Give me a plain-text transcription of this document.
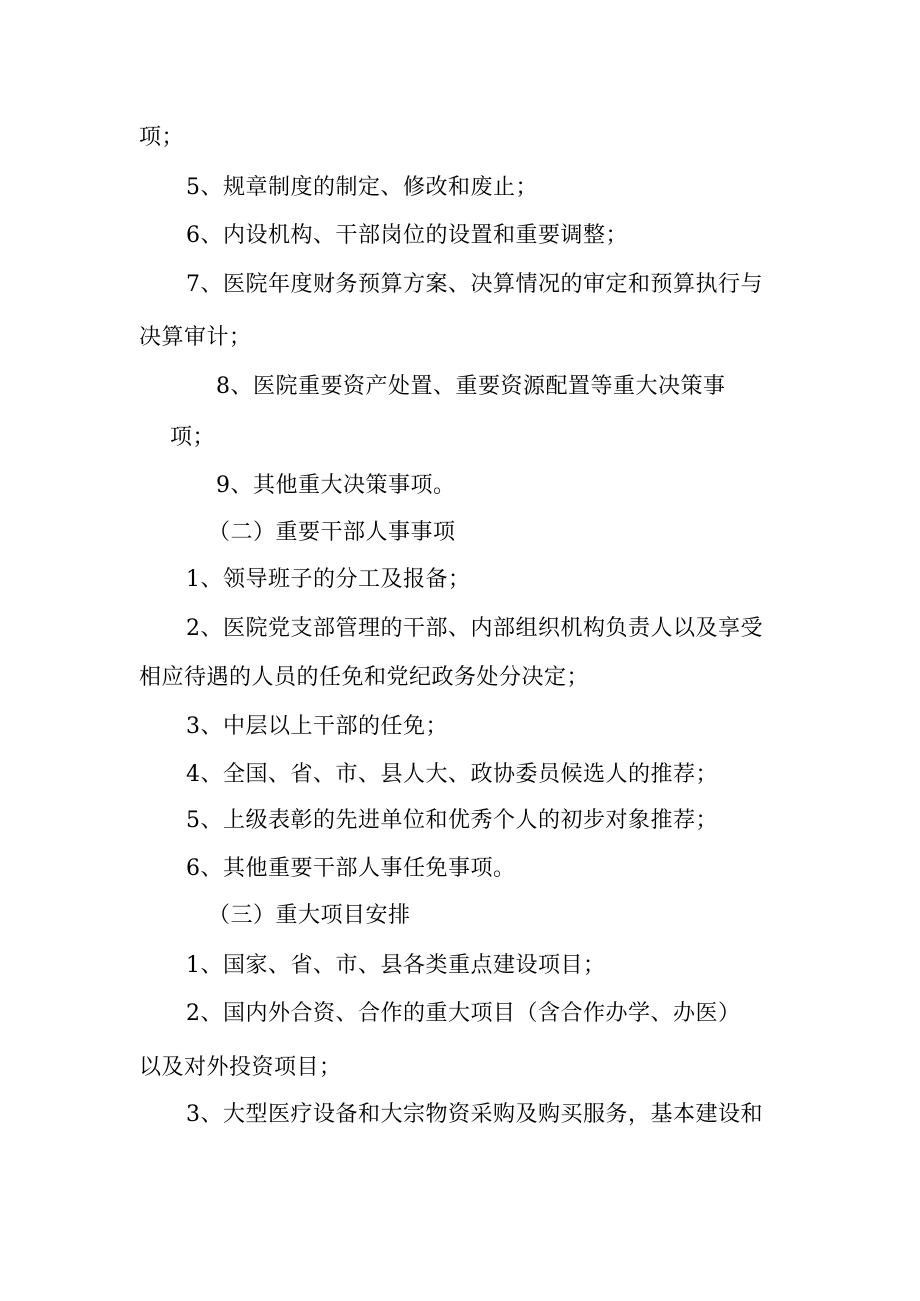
项；
5、规章制度的制定、修改和废止；
6、内设机构、干部岗位的设置和重要调整；
7、医院年度财务预算方案、决算情况的审定和预算执行与
决算审计；
8、医院重要资产处置、重要资源配置等重大决策事
项；
9、其他重大决策事项。
（二）重要干部人事事项
1、领导班子的分工及报备；
2、医院党支部管理的干部、内部组织机构负责人以及享受
相应待遇的人员的任免和党纪政务处分决定；
3、中层以上干部的任免；
4、全国、省、市、县人大、政协委员候选人的推荐；
5、上级表彰的先进单位和优秀个人的初步对象推荐；
6、其他重要干部人事任免事项。
（三）重大项目安排
1、国家、省、市、县各类重点建设项目；
2、国内外合资、合作的重大项目（含合作办学、办医）
以及对外投资项目；
3、大型医疗设备和大宗物资采购及购买服务，基本建设和
